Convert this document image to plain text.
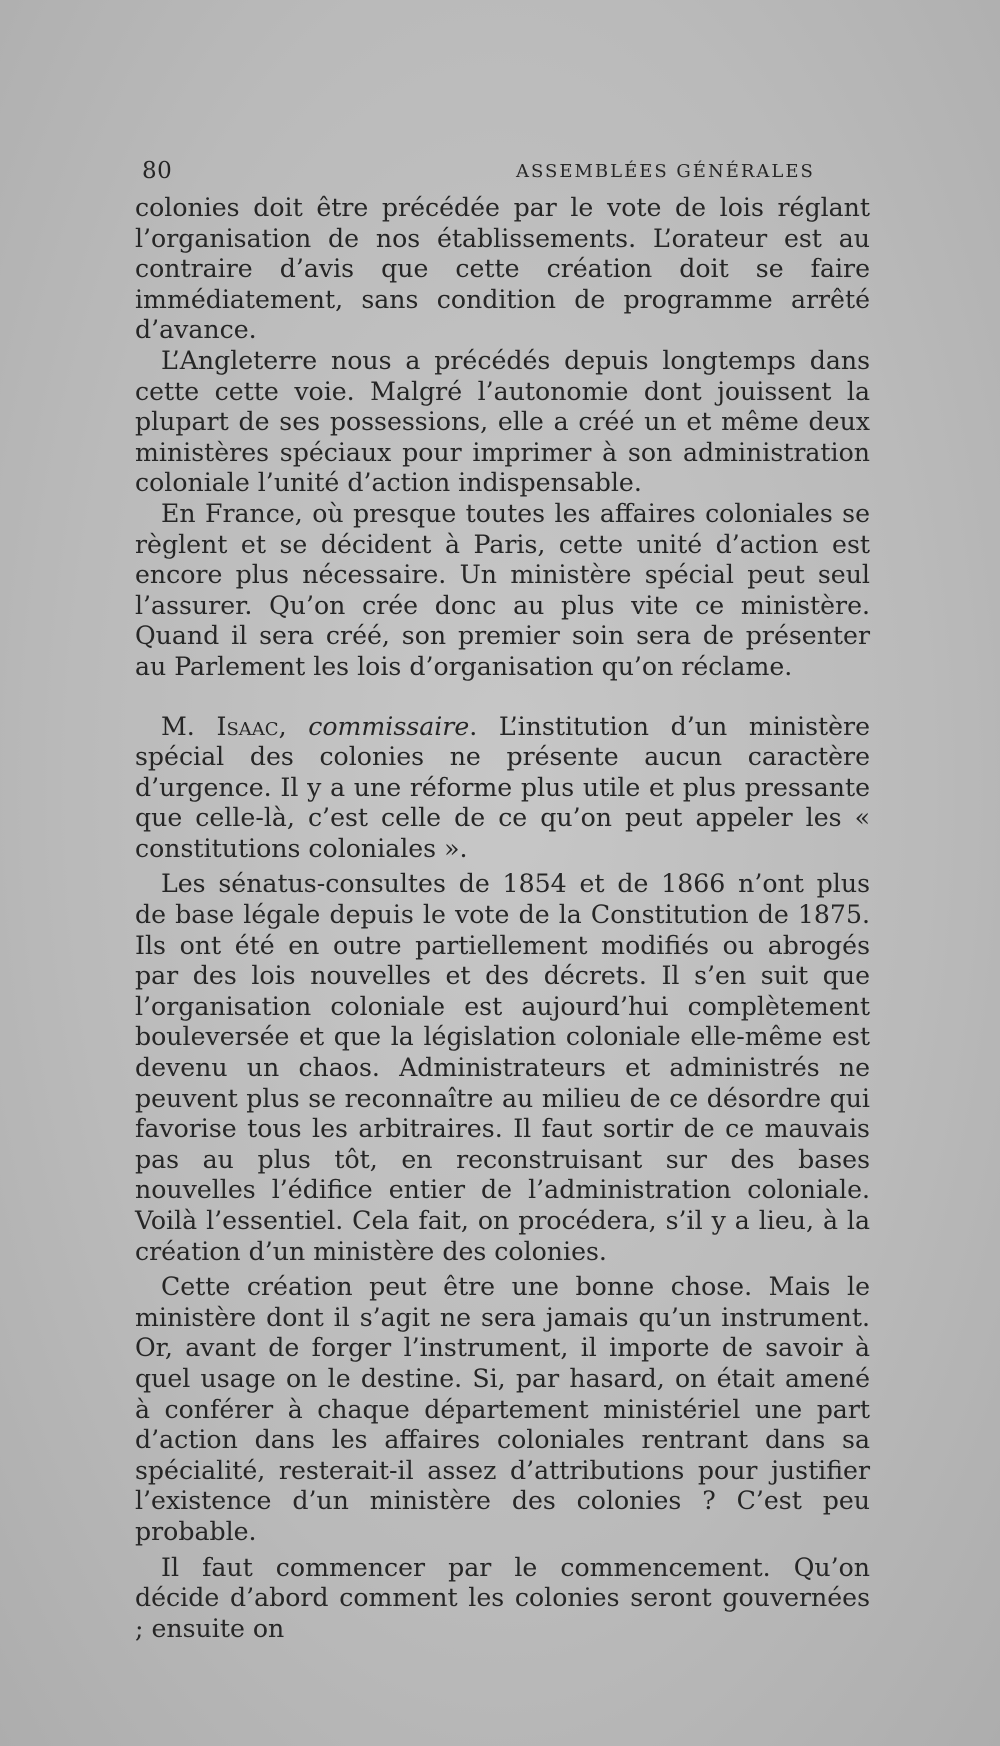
80	ASSEMBLÉES GÉNÉRALES

colonies doit être précédée par le vote de lois réglant l’organisation de nos établissements. L’orateur est au contraire d’avis que cette création doit se faire immédiatement, sans condition de programme arrêté d’avance.

L’Angleterre nous a précédés depuis longtemps dans cette cette voie. Malgré l’autonomie dont jouissent la plupart de ses possessions, elle a créé un et même deux ministères spéciaux pour imprimer à son administration coloniale l’unité d’action indispensable.

En France, où presque toutes les affaires coloniales se règlent et se décident à Paris, cette unité d’action est encore plus nécessaire. Un ministère spécial peut seul l’assurer. Qu’on crée donc au plus vite ce ministère. Quand il sera créé, son premier soin sera de présenter au Parlement les lois d’organisation qu’on réclame.

M. Isaac, commissaire. L’institution d’un ministère spécial des colonies ne présente aucun caractère d’urgence. Il y a une réforme plus utile et plus pressante que celle-là, c’est celle de ce qu’on peut appeler les « constitutions coloniales ».

Les sénatus-consultes de 1854 et de 1866 n’ont plus de base légale depuis le vote de la Constitution de 1875. Ils ont été en outre partiellement modifiés ou abrogés par des lois nouvelles et des décrets. Il s’en suit que l’organisation coloniale est aujourd’hui complètement bouleversée et que la législation coloniale elle-même est devenu un chaos. Administrateurs et administrés ne peuvent plus se reconnaître au milieu de ce désordre qui favorise tous les arbitraires. Il faut sortir de ce mauvais pas au plus tôt, en reconstruisant sur des bases nouvelles l’édifice entier de l’administration coloniale. Voilà l’essentiel. Cela fait, on procédera, s’il y a lieu, à la création d’un ministère des colonies.

Cette création peut être une bonne chose. Mais le ministère dont il s’agit ne sera jamais qu’un instrument. Or, avant de forger l’instrument, il importe de savoir à quel usage on le destine. Si, par hasard, on était amené à conférer à chaque département ministériel une part d’action dans les affaires coloniales rentrant dans sa spécialité, resterait-il assez d’attributions pour justifier l’existence d’un ministère des colonies ? C’est peu probable.

Il faut commencer par le commencement. Qu’on décide d’abord comment les colonies seront gouvernées ; ensuite on
